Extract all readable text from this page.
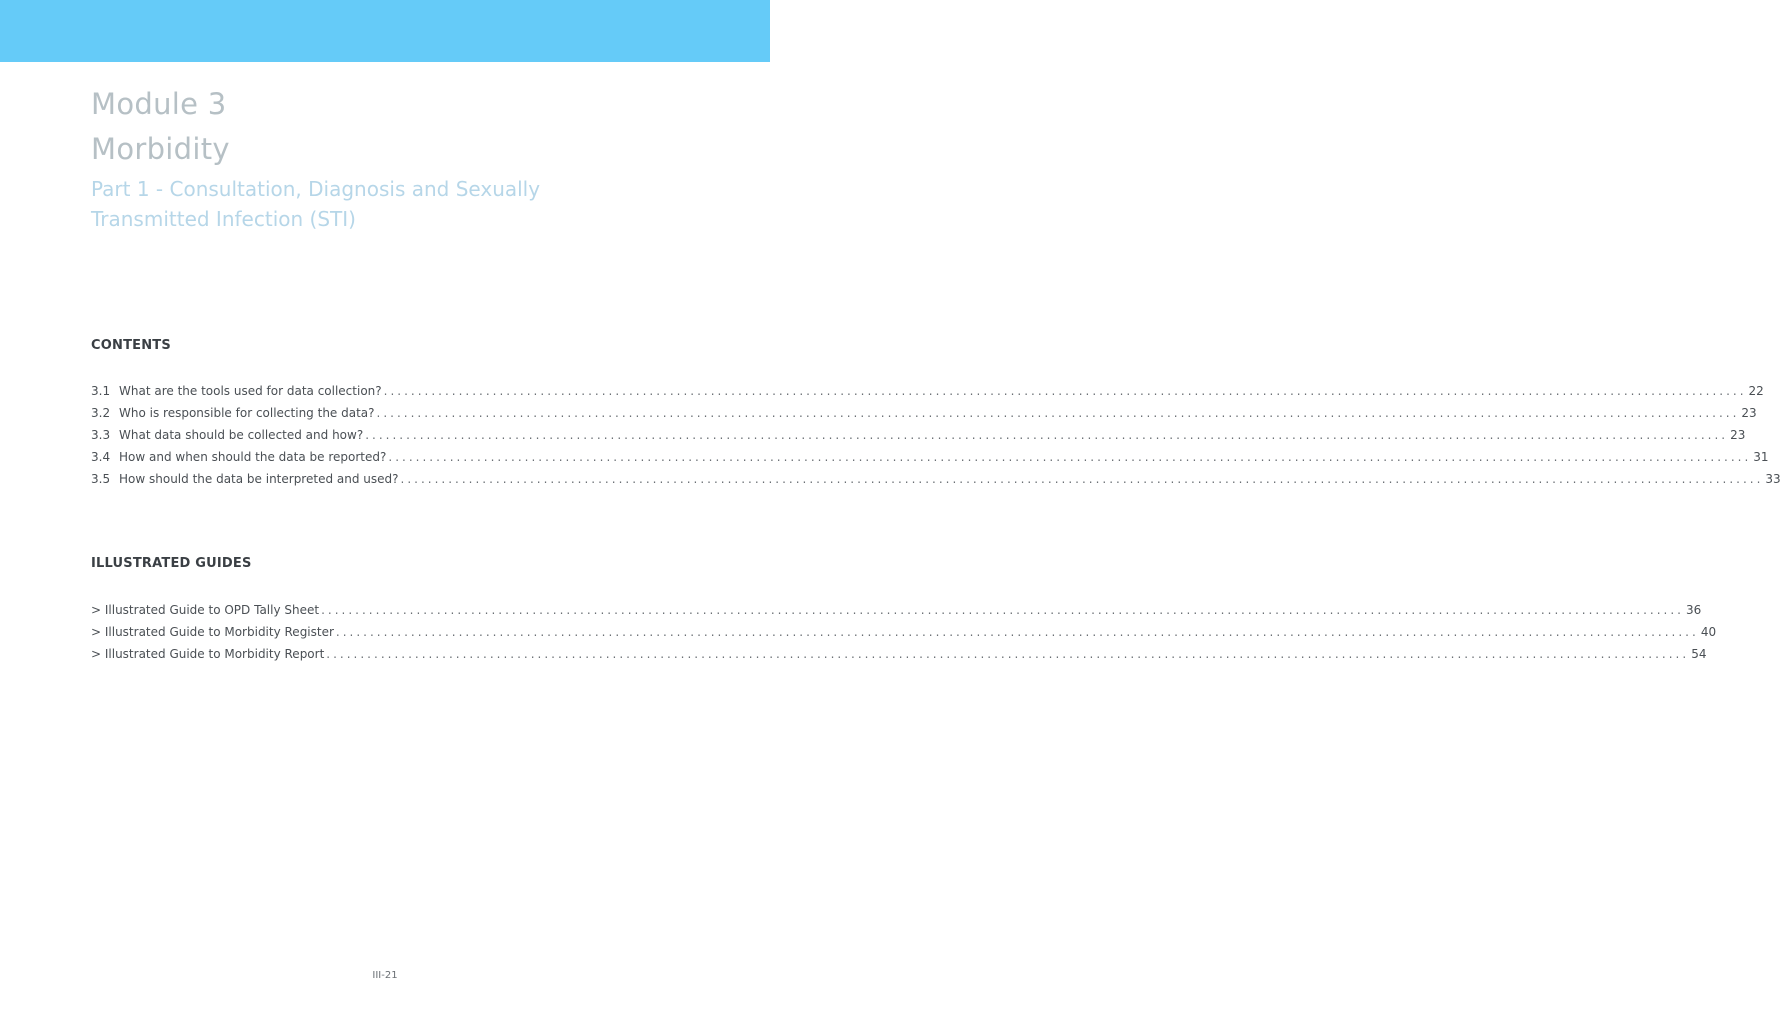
Module 3
Morbidity
Part 1 - Consultation, Diagnosis and Sexually
Transmitted Infection (STI)
CONTENTS
3.1 What are the tools used for data collection? ........................................................................................................................................................................................................ 22
3.2 Who is responsible for collecting the data? ........................................................................................................................................................................................................ 23
3.3 What data should be collected and how? ........................................................................................................................................................................................................ 23
3.4 How and when should the data be reported? ........................................................................................................................................................................................................ 31
3.5 How should the data be interpreted and used? ........................................................................................................................................................................................................ 33
ILLUSTRATED GUIDES
> Illustrated Guide to OPD Tally Sheet ........................................................................................................................................................................................................ 36
> Illustrated Guide to Morbidity Register ........................................................................................................................................................................................................ 40
> Illustrated Guide to Morbidity Report ........................................................................................................................................................................................................ 54
III-21
